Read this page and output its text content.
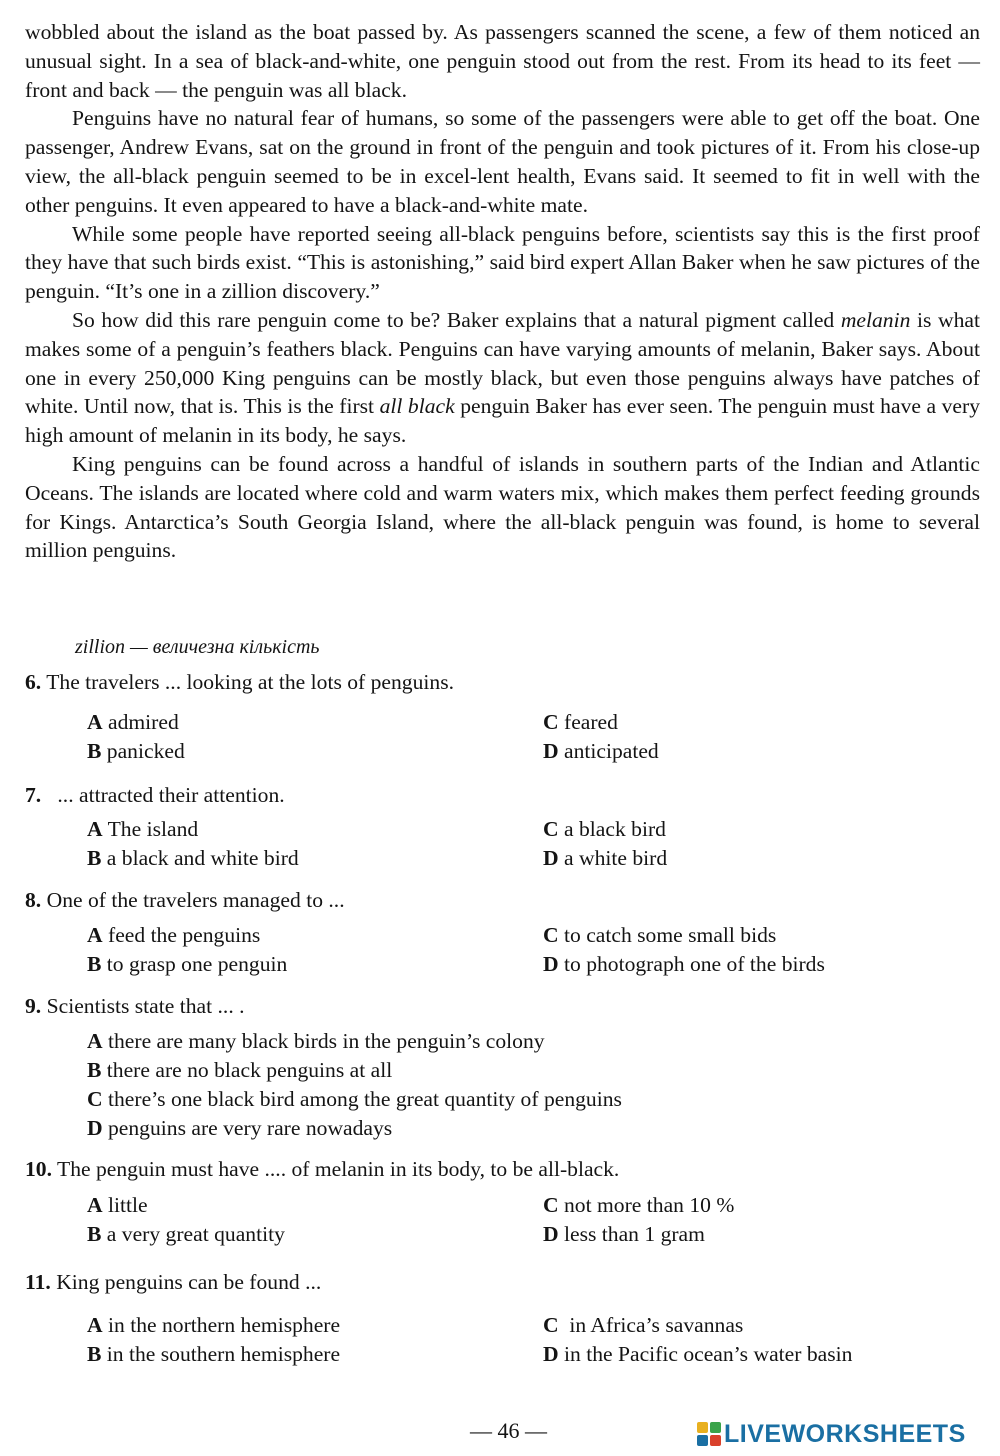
wobbled about the island as the boat passed by. As passengers scanned the scene, a few of them noticed an unusual sight. In a sea of black-and-white, one penguin stood out from the rest. From its head to its feet — front and back — the penguin was all black.

Penguins have no natural fear of humans, so some of the passengers were able to get off the boat. One passenger, Andrew Evans, sat on the ground in front of the penguin and took pictures of it. From his close-up view, the all-black penguin seemed to be in excel-lent health, Evans said. It seemed to fit in well with the other penguins. It even appeared to have a black-and-white mate.

While some people have reported seeing all-black penguins before, scientists say this is the first proof they have that such birds exist. “This is astonishing,” said bird expert Allan Baker when he saw pictures of the penguin. “It’s one in a zillion discovery.”

So how did this rare penguin come to be? Baker explains that a natural pigment called melanin is what makes some of a penguin’s feathers black. Penguins can have varying amounts of melanin, Baker says. About one in every 250,000 King penguins can be mostly black, but even those penguins always have patches of white. Until now, that is. This is the first all black penguin Baker has ever seen. The penguin must have a very high amount of melanin in its body, he says.

King penguins can be found across a handful of islands in southern parts of the Indian and Atlantic Oceans. The islands are located where cold and warm waters mix, which makes them perfect feeding grounds for Kings. Antarctica’s South Georgia Island, where the all-black penguin was found, is home to several million penguins.

zillion — величезна кількість
6. The travelers ... looking at the lots of penguins.
A admired
B panicked
C feared
D anticipated
7.   ... attracted their attention.
A The island
B a black and white bird
C a black bird
D a white bird
8. One of the travelers managed to ...
A feed the penguins
B to grasp one penguin
C to catch some small bids
D to photograph one of the birds
9. Scientists state that ... .
A there are many black birds in the penguin’s colony
B there are no black penguins at all
C there’s one black bird among the great quantity of penguins
D penguins are very rare nowadays
10. The penguin must have .... of melanin in its body, to be all-black.
A little
B a very great quantity
C not more than 10 %
D less than 1 gram
11. King penguins can be found ...
A in the northern hemisphere
B in the southern hemisphere
C  in Africa’s savannas
D in the Pacific ocean’s water basin
— 46 —	LIVEWORKSHEETS
